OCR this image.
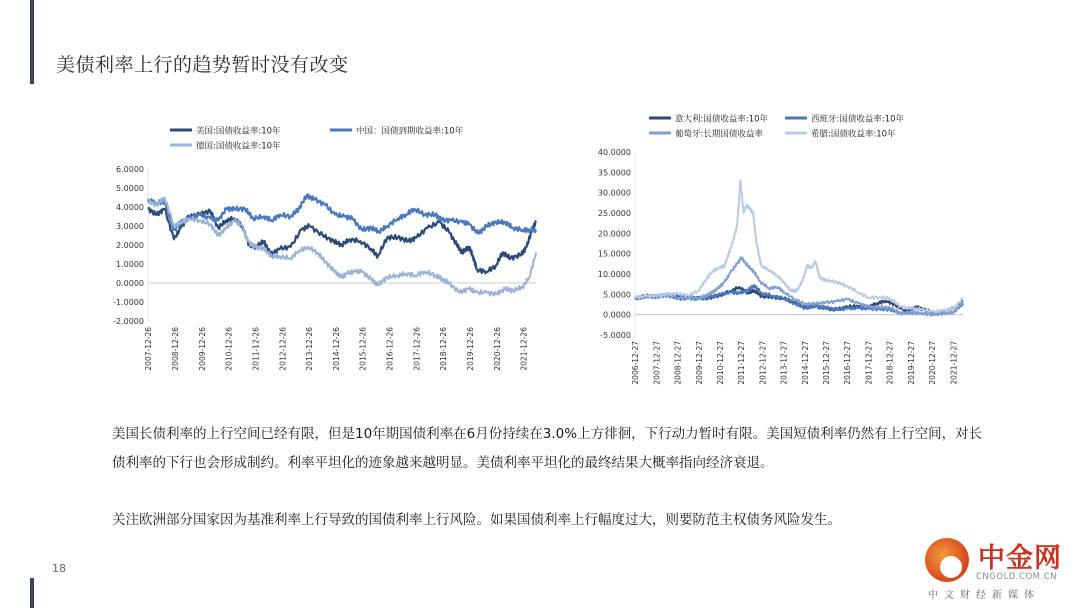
美债利率上行的趋势暂时没有改变
美国:国债收益率:10年	中国：国债到期收益率:10年
德国:国债收益率:10年
6.0000
5.0000
4.0000
3.0000
2.0000
1.0000
0.0000
-1.0000
-2.0000
2007-12-26 2008-12-26 2009-12-26 2010-12-26 2011-12-26 2012-12-26 2013-12-26 2014-12-26 2015-12-26 2016-12-26 2017-12-26 2018-12-26 2019-12-26 2020-12-26 2021-12-26
意大利:国债收益率:10年	西班牙:国债收益率:10年
葡萄牙:长期国债收益率	希腊:国债收益率:10年
40.0000
35.0000
30.0000
25.0000
20.0000
15.0000
10.0000
5.0000
0.0000
-5.0000
2006-12-27 2007-12-27 2008-12-27 2009-12-27 2010-12-27 2011-12-27 2012-12-27 2013-12-27 2014-12-27 2015-12-27 2016-12-27 2017-12-27 2018-12-27 2019-12-27 2020-12-27 2021-12-27
美国长债利率的上行空间已经有限，但是10年期国债利率在6月份持续在3.0%上方徘徊，下行动力暂时有限。美国短债利率仍然有上行空间，对长债利率的下行也会形成制约。利率平坦化的迹象越来越明显。美债利率平坦化的最终结果大概率指向经济衰退。
关注欧洲部分国家因为基准利率上行导致的国债利率上行风险。如果国债利率上行幅度过大，则要防范主权债务风险发生。
18	中金网
CNGOLD.COM.CN
中文财经新媒体
